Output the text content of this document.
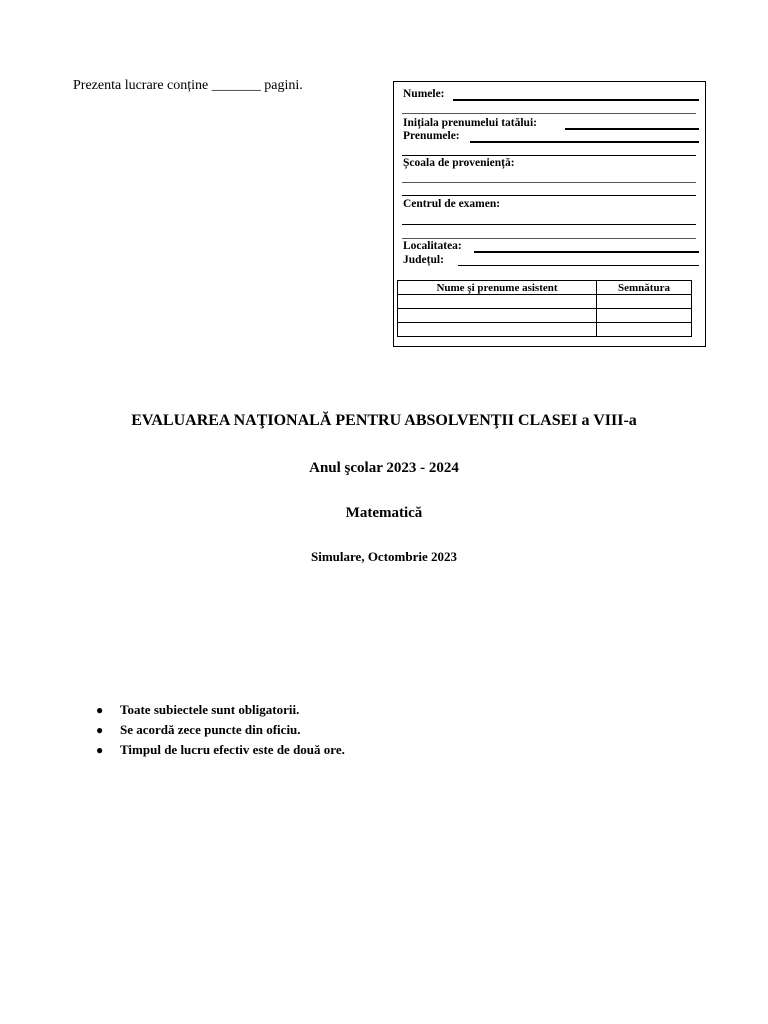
Prezenta lucrare conține _______ pagini.
Numele:
Inițiala prenumelui tatălui:
Prenumele:
Școala de proveniență:
Centrul de examen:
Localitatea:
Județul:
Nume şi prenume asistent	Semnătura

EVALUAREA NAŢIONALĂ PENTRU ABSOLVENŢII CLASEI a VIII-a
Anul şcolar 2023 - 2024
Matematică
Simulare, Octombrie 2023
●	Toate subiectele sunt obligatorii.
●	Se acordă zece puncte din oficiu.
●	Timpul de lucru efectiv este de două ore.
